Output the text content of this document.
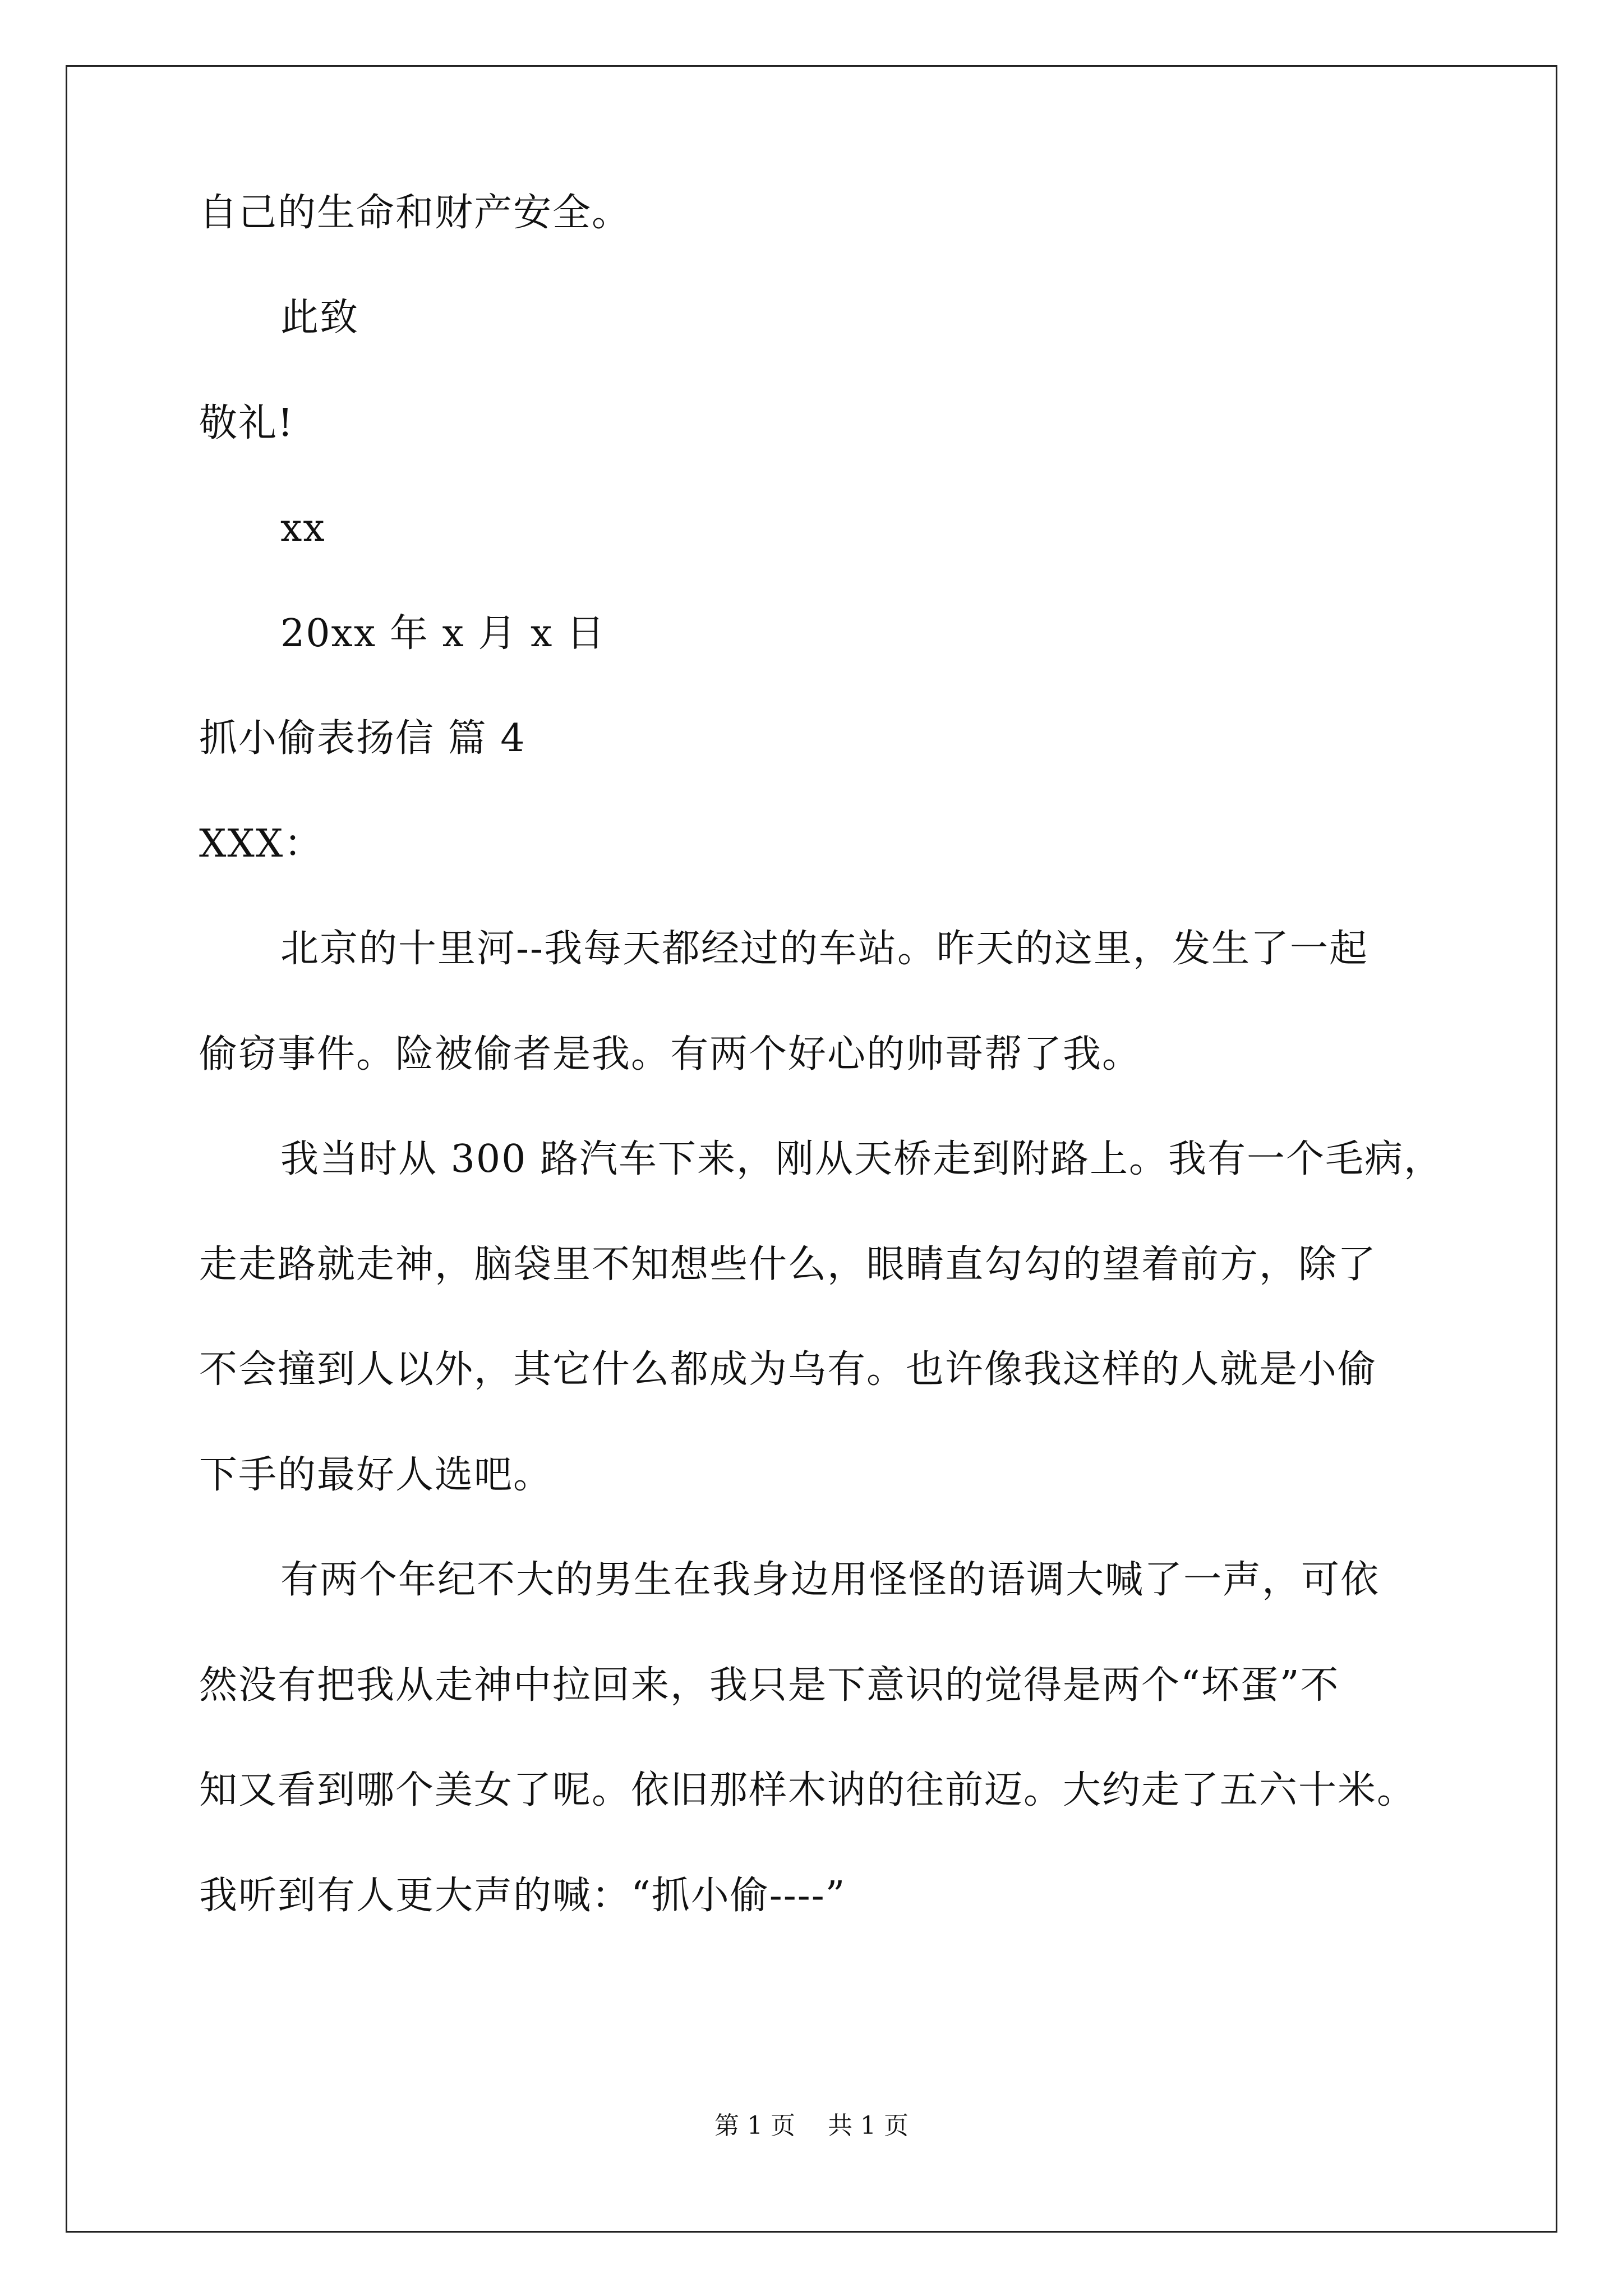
自己的生命和财产安全。
此致
敬礼!
xx
20xx 年 x 月 x 日
抓小偷表扬信 篇 4
XXX：
北京的十里河--我每天都经过的车站。昨天的这里，发生了一起
偷窃事件。险被偷者是我。有两个好心的帅哥帮了我。
我当时从 300 路汽车下来，刚从天桥走到附路上。我有一个毛病，
走走路就走神，脑袋里不知想些什么，眼睛直勾勾的望着前方，除了
不会撞到人以外，其它什么都成为乌有。也许像我这样的人就是小偷
下手的最好人选吧。
有两个年纪不大的男生在我身边用怪怪的语调大喊了一声，可依
然没有把我从走神中拉回来，我只是下意识的觉得是两个“坏蛋”不
知又看到哪个美女了呢。依旧那样木讷的往前迈。大约走了五六十米。
我听到有人更大声的喊：“抓小偷----”
第 1 页　 共 1 页
